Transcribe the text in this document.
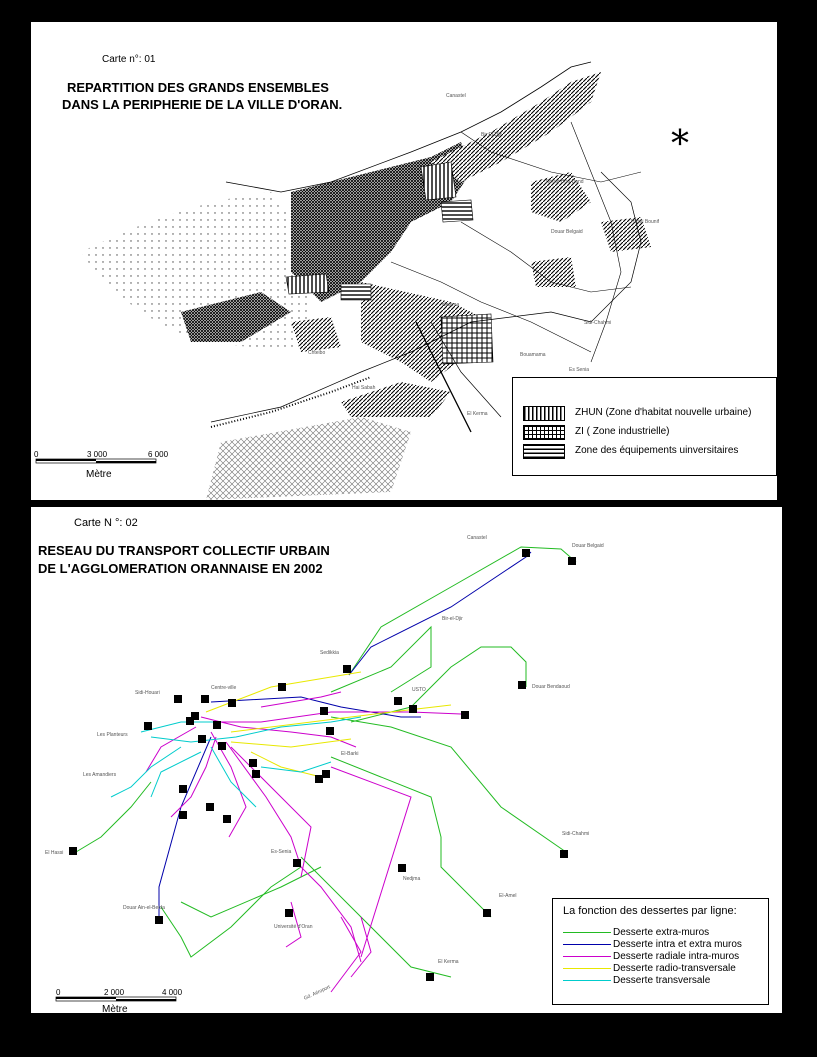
Carte n°: 01
REPARTITION DES GRANDS ENSEMBLES
DANS LA PERIPHERIE DE LA VILLE D'ORAN.
*
Canastel
Bir El Djir
Douar Bou-Dand
Douar Belgaid
Hassi Bounif
Nedjma
Sidi-Chahmi
Chteibo
El Kerma
Bouamama
Es Senia
Hai Sabah
0	3 000	6 000
Mètre
ZHUN (Zone d'habitat nouvelle urbaine)
ZI ( Zone industrielle)
Zone des équipements uinversitaires
Carte N °: 02
RESEAU DU TRANSPORT COLLECTIF URBAIN
DE L'AGGLOMERATION ORANNAISE EN 2002
Canastel
Douar Belgaid
Bir-el-Djir
Douar Bendaoud
USTO
Sidi-Houari
Centre-ville
Les Planteurs
Les Amandiers
El Hassi
El-Barki
Sidi-Chahmi
Nedjma
El-Amel
Douar Ain-el-Beida
Université d'Oran
Es-Senia
El Kerma
Gd. Aéroport
Sedikkia
0	2 000	4 000
Mètre
La fonction des dessertes par ligne:
Desserte extra-muros
Desserte intra et extra muros
Desserte radiale intra-muros
Desserte radio-transversale
Desserte transversale
